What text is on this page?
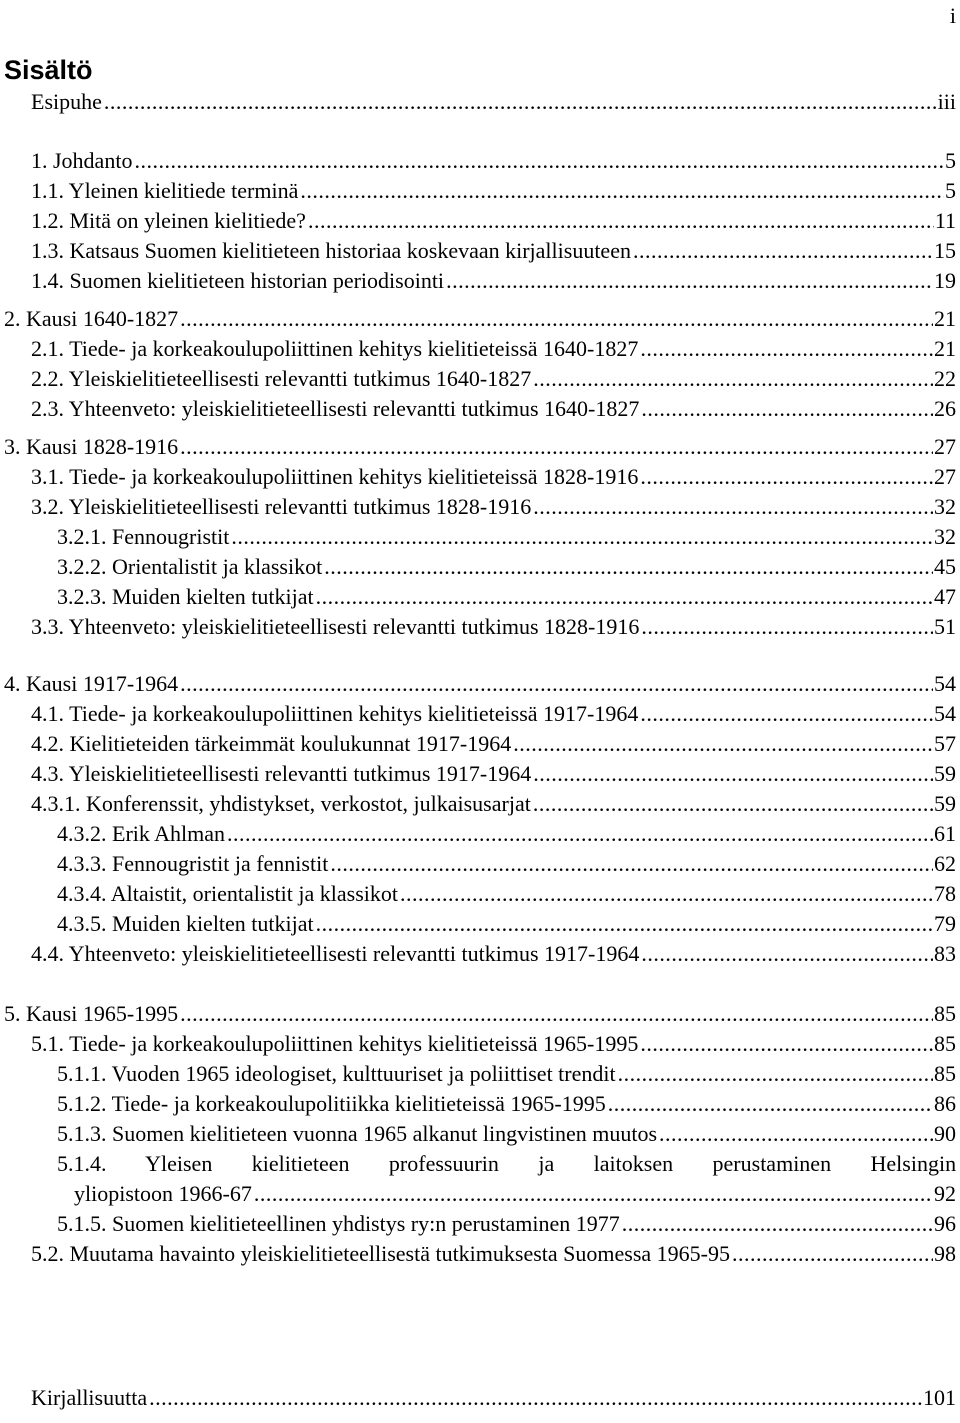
i
Sisältö
Esipuhe .....	iii
1. Johdanto .....	5
1.1. Yleinen kielitiede terminä .....	5
1.2. Mitä on yleinen kielitiede? .....	11
1.3. Katsaus Suomen kielitieteen historiaa koskevaan kirjallisuuteen .....	15
1.4. Suomen kielitieteen historian periodisointi .....	19
2. Kausi 1640-1827 .....	21
2.1. Tiede- ja korkeakoulupoliittinen kehitys kielitieteissä 1640-1827 .....	21
2.2. Yleiskielitieteellisesti relevantti tutkimus 1640-1827 .....	22
2.3. Yhteenveto: yleiskielitieteellisesti relevantti tutkimus 1640-1827 .....	26
3. Kausi 1828-1916 .....	27
3.1. Tiede- ja korkeakoulupoliittinen kehitys kielitieteissä 1828-1916 .....	27
3.2. Yleiskielitieteellisesti relevantti tutkimus 1828-1916 .....	32
3.2.1. Fennougristit .....	32
3.2.2. Orientalistit ja klassikot .....	45
3.2.3. Muiden kielten tutkijat .....	47
3.3. Yhteenveto: yleiskielitieteellisesti relevantti tutkimus 1828-1916 .....	51
4. Kausi 1917-1964 .....	54
4.1. Tiede- ja korkeakoulupoliittinen kehitys kielitieteissä 1917-1964 .....	54
4.2. Kielitieteiden tärkeimmät koulukunnat 1917-1964 .....	57
4.3. Yleiskielitieteellisesti relevantti tutkimus 1917-1964 .....	59
4.3.1. Konferenssit, yhdistykset, verkostot, julkaisusarjat .....	59
4.3.2. Erik Ahlman .....	61
4.3.3. Fennougristit ja fennistit .....	62
4.3.4. Altaistit, orientalistit ja klassikot .....	78
4.3.5. Muiden kielten tutkijat .....	79
4.4. Yhteenveto: yleiskielitieteellisesti relevantti tutkimus 1917-1964 .....	83
5. Kausi 1965-1995 .....	85
5.1. Tiede- ja korkeakoulupoliittinen kehitys kielitieteissä 1965-1995 .....	85
5.1.1. Vuoden 1965 ideologiset, kulttuuriset ja poliittiset trendit .....	85
5.1.2. Tiede- ja korkeakoulupolitiikka kielitieteissä 1965-1995 .....	86
5.1.3. Suomen kielitieteen vuonna 1965 alkanut lingvistinen muutos .....	90
5.1.4. Yleisen kielitieteen professuurin ja laitoksen perustaminen Helsingin
yliopistoon 1966-67 .....	92
5.1.5. Suomen kielitieteellinen yhdistys ry:n perustaminen 1977 .....	96
5.2. Muutama havainto yleiskielitieteellisestä tutkimuksesta Suomessa 1965-95 .....	98
Kirjallisuutta .....	101
